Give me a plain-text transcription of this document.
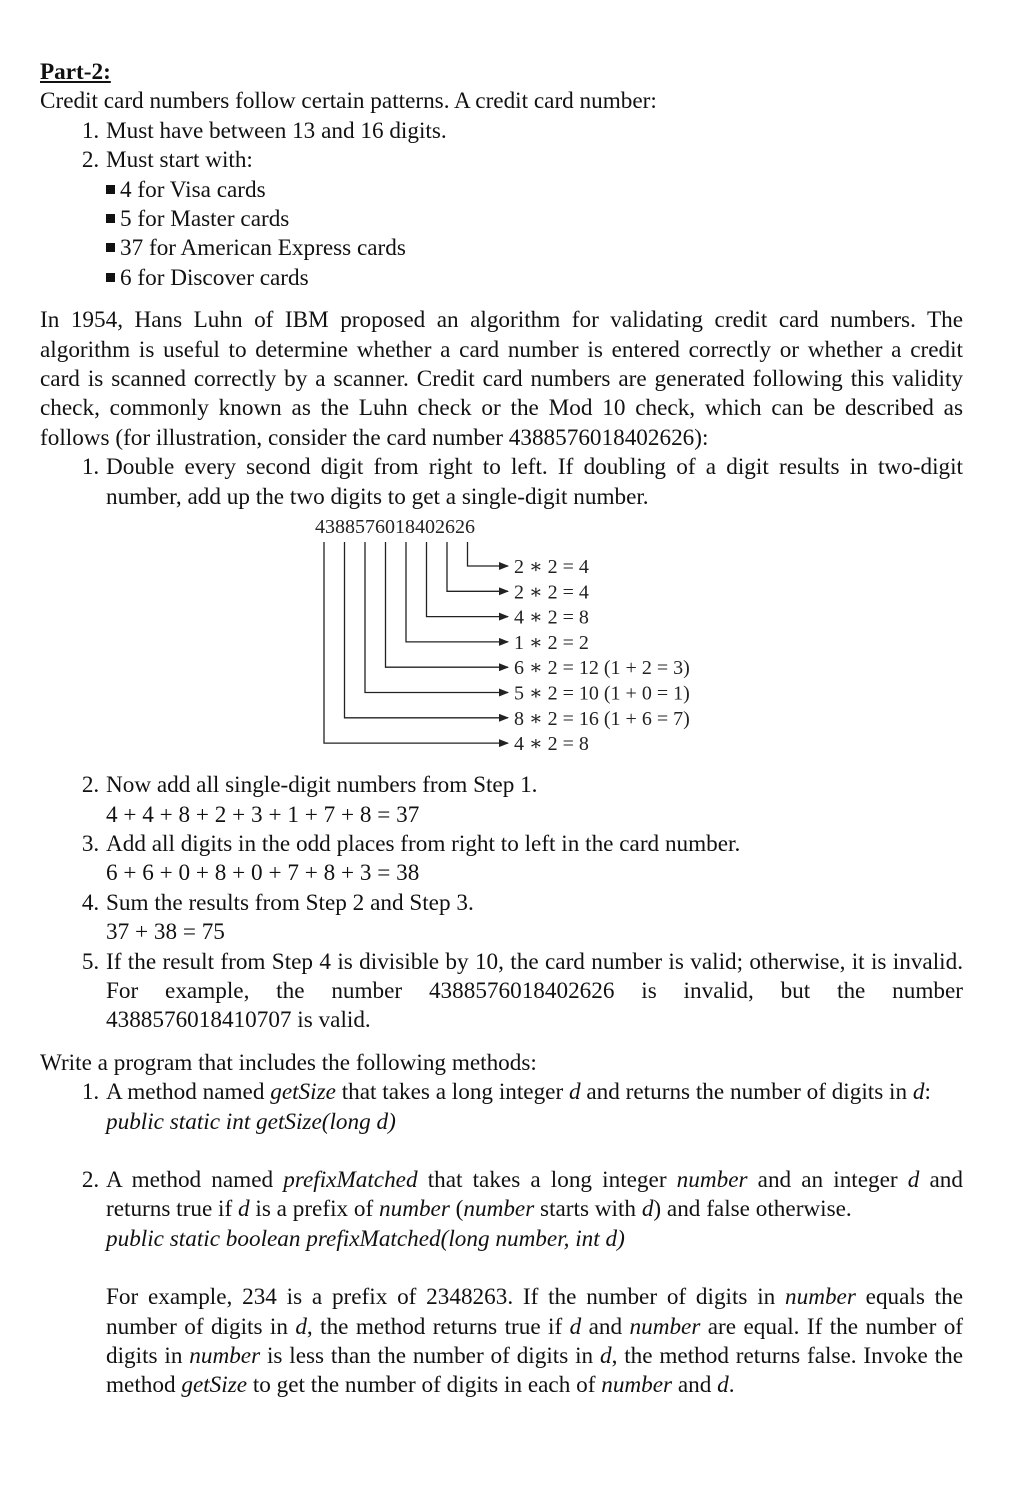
Part-2:
Credit card numbers follow certain patterns. A credit card number:
1. Must have between 13 and 16 digits.
2. Must start with:
4 for Visa cards
5 for Master cards
37 for American Express cards
6 for Discover cards
In 1954, Hans Luhn of IBM proposed an algorithm for validating credit card numbers. The algorithm is useful to determine whether a card number is entered correctly or whether a credit card is scanned correctly by a scanner. Credit card numbers are generated following this validity check, commonly known as the Luhn check or the Mod 10 check, which can be described as follows (for illustration, consider the card number 4388576018402626):
1. Double every second digit from right to left. If doubling of a digit results in two-digit number, add up the two digits to get a single-digit number.
2. Now add all single-digit numbers from Step 1.
4 + 4 + 8 + 2 + 3 + 1 + 7 + 8 = 37
3. Add all digits in the odd places from right to left in the card number.
6 + 6 + 0 + 8 + 0 + 7 + 8 + 3 = 38
4. Sum the results from Step 2 and Step 3.
37 + 38 = 75
5. If the result from Step 4 is divisible by 10, the card number is valid; otherwise, it is invalid. For example, the number 4388576018402626 is invalid, but the number 4388576018410707 is valid.
Write a program that includes the following methods:
1. A method named getSize that takes a long integer d and returns the number of digits in d:
public static int getSize(long d)
2. A method named prefixMatched that takes a long integer number and an integer d and returns true if d is a prefix of number (number starts with d) and false otherwise.
public static boolean prefixMatched(long number, int d)
For example, 234 is a prefix of 2348263. If the number of digits in number equals the number of digits in d, the method returns true if d and number are equal. If the number of digits in number is less than the number of digits in d, the method returns false. Invoke the method getSize to get the number of digits in each of number and d.
4388576018402626
2 ∗ 2 = 4
2 ∗ 2 = 4
4 ∗ 2 = 8
1 ∗ 2 = 2
6 ∗ 2 = 12 (1 + 2 = 3)
5 ∗ 2 = 10 (1 + 0 = 1)
8 ∗ 2 = 16 (1 + 6 = 7)
4 ∗ 2 = 8
